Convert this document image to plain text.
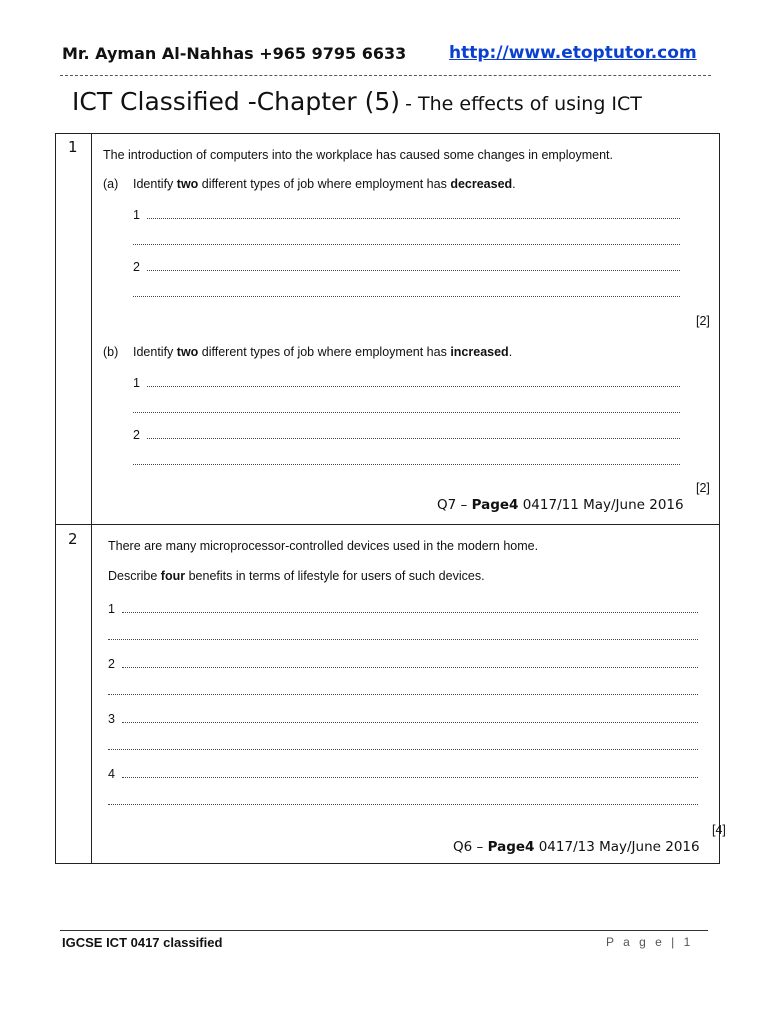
Mr. Ayman Al-Nahhas +965 9795 6633	http://www.etoptutor.com
ICT Classified -Chapter (5) - The effects of using ICT
1 The introduction of computers into the workplace has caused some changes in employment.
(a) Identify two different types of job where employment has decreased.
1
2
[2]
(b) Identify two different types of job where employment has increased.
1
2
[2]
Q7 – Page4 0417/11 May/June 2016
2 There are many microprocessor-controlled devices used in the modern home.
Describe four benefits in terms of lifestyle for users of such devices.
1
2
3
4
[4]
Q6 – Page4 0417/13 May/June 2016
IGCSE ICT 0417 classified	P a g e | 1
